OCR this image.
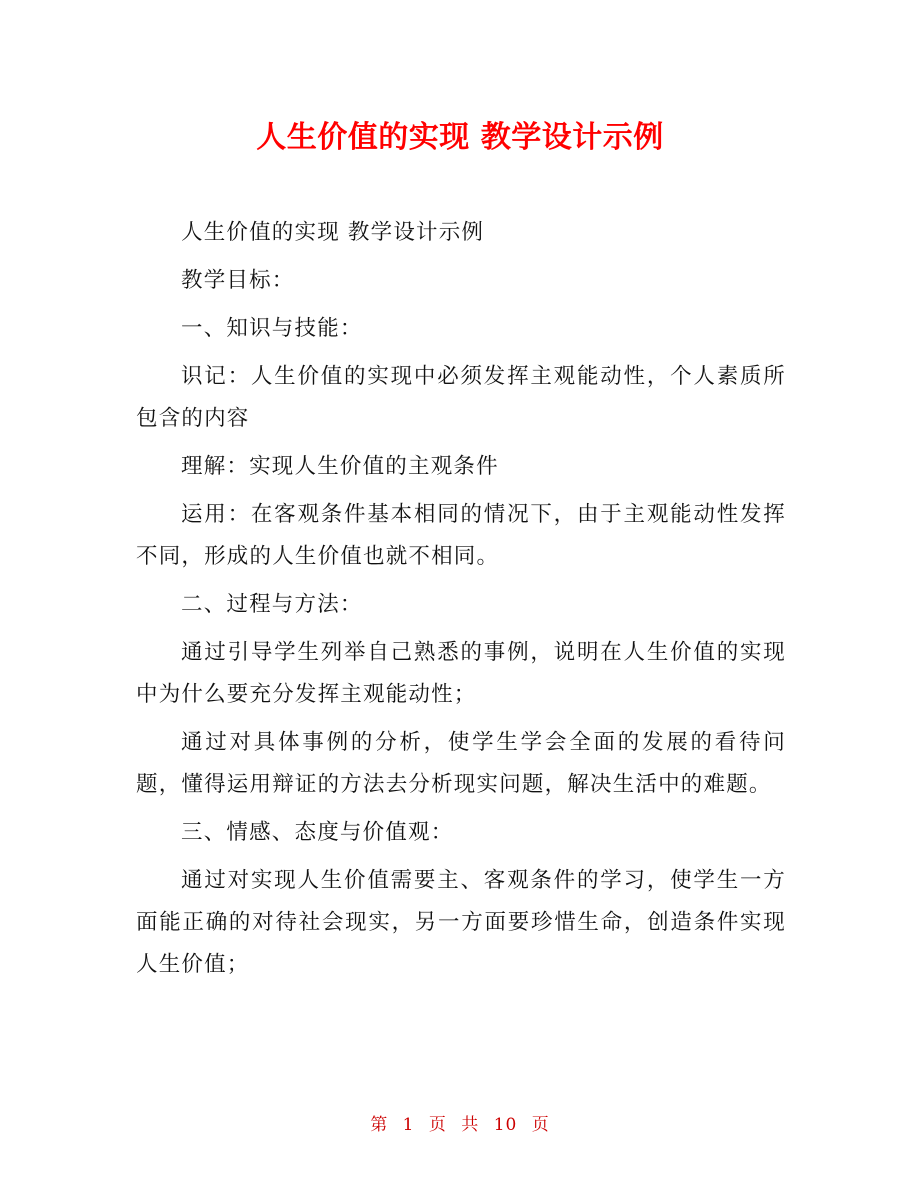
人生价值的实现 教学设计示例

人生价值的实现 教学设计示例

教学目标：

一、知识与技能：

识记：人生价值的实现中必须发挥主观能动性，个人素质所包含的内容

理解：实现人生价值的主观条件

运用：在客观条件基本相同的情况下，由于主观能动性发挥不同，形成的人生价值也就不相同。

二、过程与方法：

通过引导学生列举自己熟悉的事例，说明在人生价值的实现中为什么要充分发挥主观能动性；

通过对具体事例的分析，使学生学会全面的发展的看待问题，懂得运用辩证的方法去分析现实问题，解决生活中的难题。

三、情感、态度与价值观：

通过对实现人生价值需要主、客观条件的学习，使学生一方面能正确的对待社会现实，另一方面要珍惜生命，创造条件实现人生价值；

第 1 页 共 10 页
